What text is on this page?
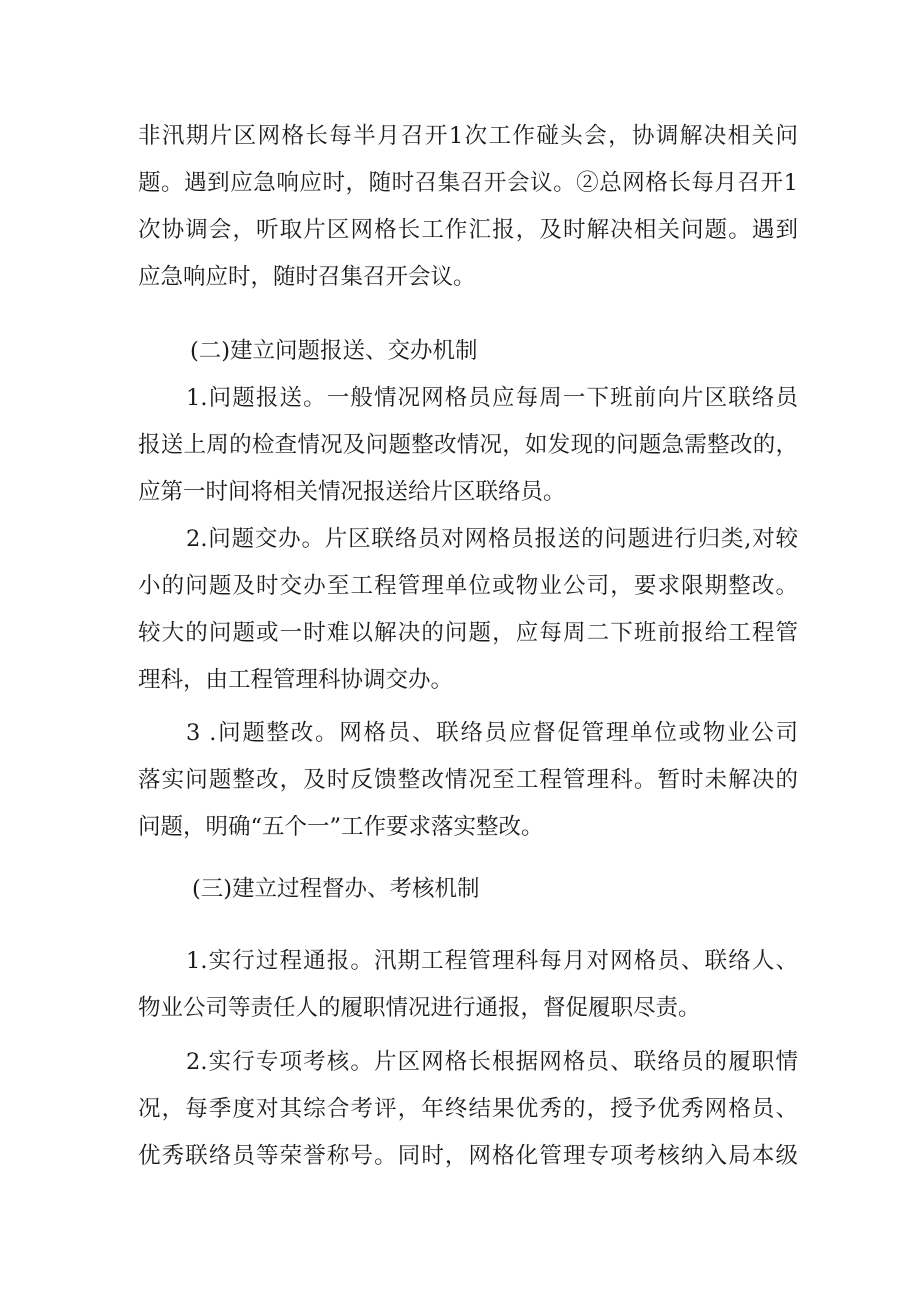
非汛期片区网格长每半月召开1次工作碰头会，协调解决相关问
题。遇到应急响应时，随时召集召开会议。②总网格长每月召开1
次协调会，听取片区网格长工作汇报，及时解决相关问题。遇到
应急响应时，随时召集召开会议。
(二)建立问题报送、交办机制
1.问题报送。一般情况网格员应每周一下班前向片区联络员
报送上周的检查情况及问题整改情况，如发现的问题急需整改的，
应第一时间将相关情况报送给片区联络员。
2.问题交办。片区联络员对网格员报送的问题进行归类,对较
小的问题及时交办至工程管理单位或物业公司，要求限期整改。
较大的问题或一时难以解决的问题，应每周二下班前报给工程管
理科，由工程管理科协调交办。
3 .问题整改。网格员、联络员应督促管理单位或物业公司
落实问题整改，及时反馈整改情况至工程管理科。暂时未解决的
问题，明确“五个一”工作要求落实整改。
(三)建立过程督办、考核机制
1.实行过程通报。汛期工程管理科每月对网格员、联络人、
物业公司等责任人的履职情况进行通报，督促履职尽责。
2.实行专项考核。片区网格长根据网格员、联络员的履职情
况，每季度对其综合考评，年终结果优秀的，授予优秀网格员、
优秀联络员等荣誉称号。同时，网格化管理专项考核纳入局本级
